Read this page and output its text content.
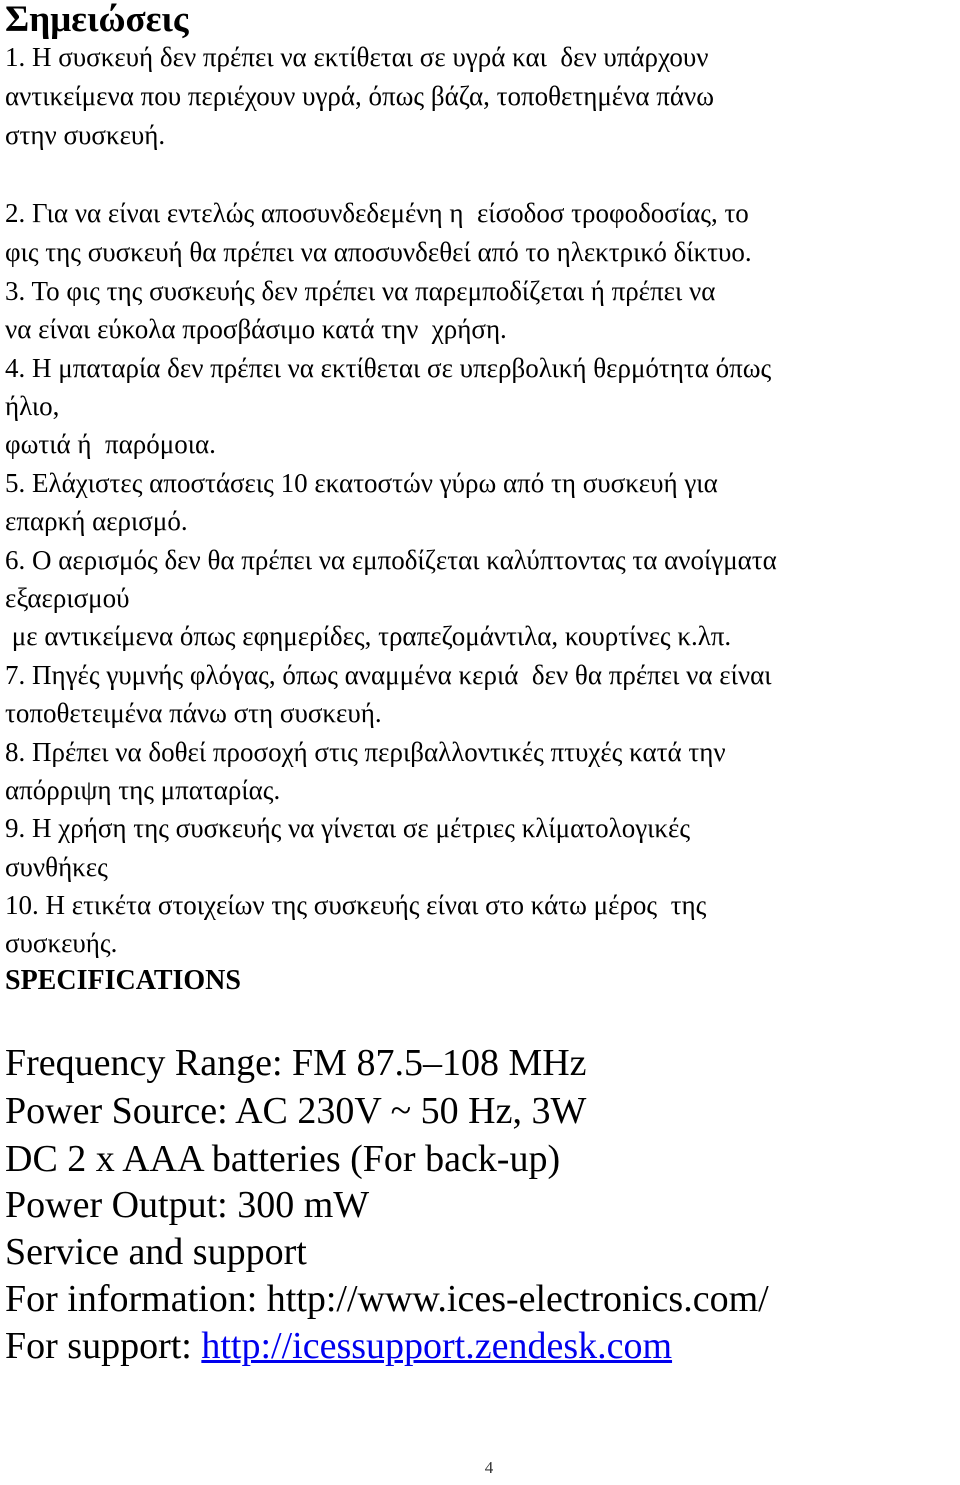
Σημειώσεις

1. Η συσκευή δεν πρέπει να εκτίθεται σε υγρά και  δεν υπάρχουν

αντικείμενα που περιέχουν υγρά, όπως βάζα, τοποθετημένα πάνω

στην συσκευή.

2. Για να είναι εντελώς αποσυνδεδεμένη η  είσοδοσ τροφοδοσίας, το

φις της συσκευή θα πρέπει να αποσυνδεθεί από το ηλεκτρικό δίκτυο.

3. Το φις της συσκευής δεν πρέπει να παρεμποδίζεται ή πρέπει να

να είναι εύκολα προσβάσιμο κατά την  χρήση.

4. Η μπαταρία δεν πρέπει να εκτίθεται σε υπερβολική θερμότητα όπως

ήλιο,

φωτιά ή  παρόμοια.

5. Ελάχιστες αποστάσεις 10 εκατοστών γύρω από τη συσκευή για

επαρκή αερισμό.

6. Ο αερισμός δεν θα πρέπει να εμποδίζεται καλύπτοντας τα ανοίγματα

εξαερισμού

με αντικείμενα όπως εφημερίδες, τραπεζομάντιλα, κουρτίνες κ.λπ.

7. Πηγές γυμνής φλόγας, όπως αναμμένα κεριά  δεν θα πρέπει να είναι

τοποθετειμένα πάνω στη συσκευή.

8. Πρέπει να δοθεί προσοχή στις περιβαλλοντικές πτυχές κατά την

απόρριψη της μπαταρίας.

9. Η χρήση της συσκευής να γίνεται σε μέτριες κλίματολογικές

συνθήκες

10. Η ετικέτα στοιχείων της συσκευής είναι στο κάτω μέρος  της

συσκευής.

SPECIFICATIONS

Frequency Range: FM 87.5–108 MHz

Power Source: AC 230V ~ 50 Hz, 3W

DC 2 x AAA batteries (For back-up)

Power Output: 300 mW

Service and support

For information: http://www.ices-electronics.com/

For support: http://icessupport.zendesk.com

4
